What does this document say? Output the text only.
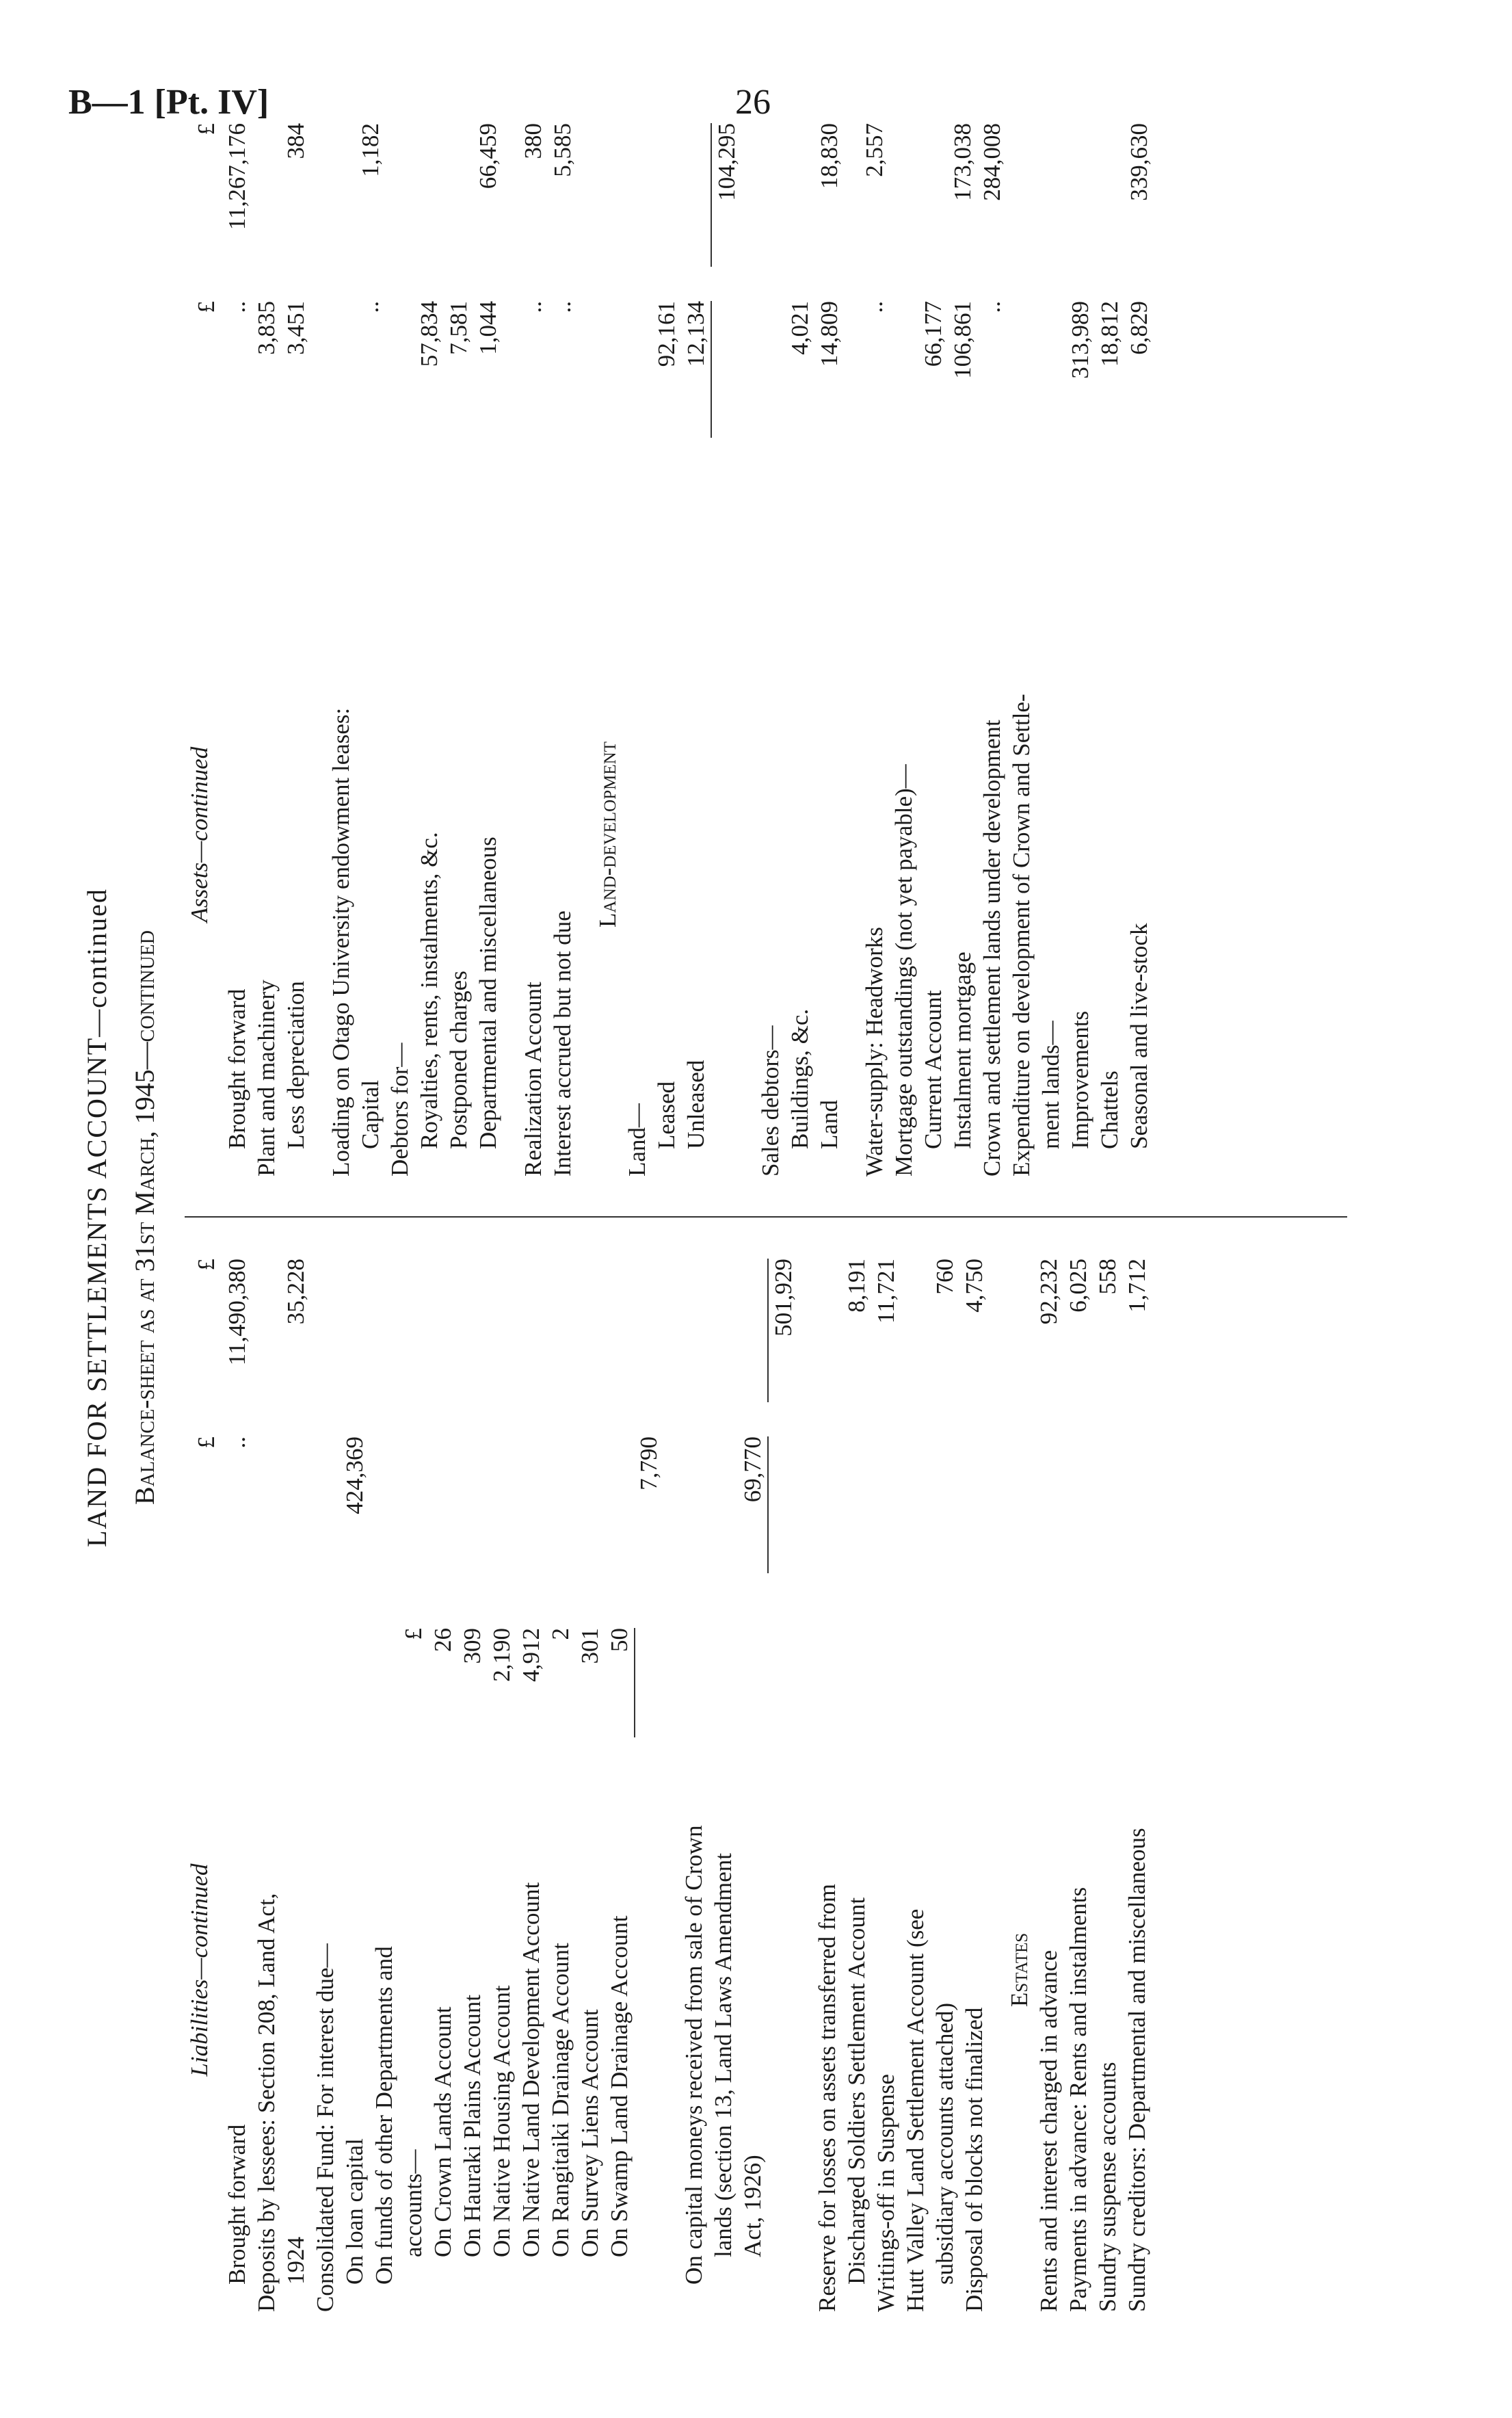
B—1 [Pt. IV]	26
LAND FOR SETTLEMENTS ACCOUNT—continued Balance-sheet as at 31st March, 1945—continued
Liabilities—continued
£
£
Assets—continued
£
£
Brought forward
..
11,490,380
Deposits by lessees: Section 208, Land Act, 1924
35,228
Consolidated Fund: For interest due— On loan capital
424,369
On funds of other Departments and accounts—
£
On Crown Lands Account
26
On Hauraki Plains Account
309
On Native Housing Account
2,190
On Native Land Development Account
4,912
On Rangitaiki Drainage Account
2
On Survey Liens Account
301
On Swamp Land Drainage Account
50
7,790
On capital moneys received from sale of Crown lands (section 13, Land Laws Amendment Act, 1926)
69,770
501,929
Reserve for losses on assets transferred from Discharged Soldiers Settlement Account
8,191
Writings-off in Suspense
11,721
Hutt Valley Land Settlement Account (see subsidiary accounts attached)
760
Disposal of blocks not finalized
4,750
Estates Rents and interest charged in advance
92,232
Payments in advance: Rents and instalments
6,025
Sundry suspense accounts
558
Sundry creditors: Departmental and miscellaneous
1,712
Brought forward
..
11,267,176
Plant and machinery
3,835
Less depreciation
3,451
384
Loading on Otago University endowment leases: Capital
..
1,182
Debtors for— Royalties, rents, instalments, &c.
57,834
Postponed charges
7,581
Departmental and miscellaneous
1,044
66,459
Realization Account
..
380
Interest accrued but not due
..
5,585
Land-development
Land— Leased
92,161
Unleased
12,134
104,295
Sales debtors— Buildings, &c.
4,021
Land
14,809
18,830
Water-supply: Headworks
..
2,557
Mortgage outstandings (not yet payable)— Current Account
66,177
Instalment mortgage
106,861
173,038
Crown and settlement lands under development
..
284,008
Expenditure on development of Crown and Settle- ment lands— Improvements
313,989
Chattels
18,812
Seasonal and live-stock
6,829
339,630
